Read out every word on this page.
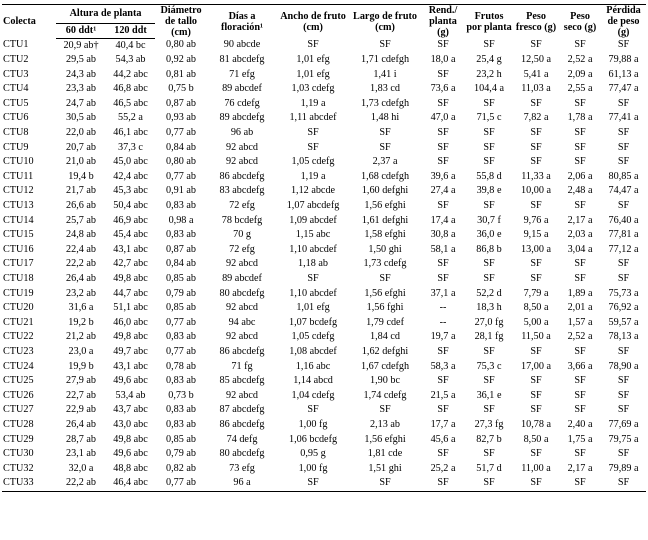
Colecta	Altura de planta		Diámetro de tallo (cm)	Días a floración¹	Ancho de fruto (cm)	Largo de fruto (cm)	Rend./ planta (g)	Frutos por planta	Peso fresco (g)	Peso seco (g)	Pérdida de peso (g)
	60 ddt¹	120 ddt									
CTU1	20,9 ab†	40,4 bc	0,80 ab	90 abcde	SF	SF	SF	SF	SF	SF	SF
CTU2	29,5 ab	54,3 ab	0,92 ab	81 abcdefg	1,01 efg	1,71 cdefgh	18,0 a	25,4 g	12,50 a	2,52 a	79,88 a
CTU3	24,3 ab	44,2 abc	0,81 ab	71 efg	1,01 efg	1,41 i	SF	23,2 h	5,41 a	2,09 a	61,13 a
CTU4	23,3 ab	46,8 abc	0,75 b	89 abcdef	1,03 cdefg	1,83 cd	73,6 a	104,4 a	11,03 a	2,55 a	77,47 a
CTU5	24,7 ab	46,5 abc	0,87 ab	76 cdefg	1,19 a	1,73 cdefgh	SF	SF	SF	SF	SF
CTU6	30,5 ab	55,2 a	0,93 ab	89 abcdefg	1,11 abcdef	1,48 hi	47,0 a	71,5 c	7,82 a	1,78 a	77,41 a
CTU8	22,0 ab	46,1 abc	0,77 ab	96 ab	SF	SF	SF	SF	SF	SF	SF
CTU9	20,7 ab	37,3 c	0,84 ab	92 abcd	SF	SF	SF	SF	SF	SF	SF
CTU10	21,0 ab	45,0 abc	0,80 ab	92 abcd	1,05 cdefg	2,37 a	SF	SF	SF	SF	SF
CTU11	19,4 b	42,4 abc	0,77 ab	86 abcdefg	1,19 a	1,68 cdefgh	39,6 a	55,8 d	11,33 a	2,06 a	80,85 a
CTU12	21,7 ab	45,3 abc	0,91 ab	83 abcdefg	1,12 abcde	1,60 defghi	27,4 a	39,8 e	10,00 a	2,48 a	74,47 a
CTU13	26,6 ab	50,4 abc	0,83 ab	72 efg	1,07 abcdefg	1,56 efghi	SF	SF	SF	SF	SF
CTU14	25,7 ab	46,9 abc	0,98 a	78 bcdefg	1,09 abcdef	1,61 defghi	17,4 a	30,7 f	9,76 a	2,17 a	76,40 a
CTU15	24,8 ab	45,4 abc	0,83 ab	70 g	1,15 abc	1,58 efghi	30,8 a	36,0 e	9,15 a	2,03 a	77,81 a
CTU16	22,4 ab	43,1 abc	0,87 ab	72 efg	1,10 abcdef	1,50 ghi	58,1 a	86,8 b	13,00 a	3,04 a	77,12 a
CTU17	22,2 ab	42,7 abc	0,84 ab	92 abcd	1,18 ab	1,73 cdefg	SF	SF	SF	SF	SF
CTU18	26,4 ab	49,8 abc	0,85 ab	89 abcdef	SF	SF	SF	SF	SF	SF	SF
CTU19	23,2 ab	44,7 abc	0,79 ab	80 abcdefg	1,10 abcdef	1,56 efghi	37,1 a	52,2 d	7,79 a	1,89 a	75,73 a
CTU20	31,6 a	51,1 abc	0,85 ab	92 abcd	1,01 efg	1,56 fghi	--	18,3 h	8,50 a	2,01 a	76,92 a
CTU21	19,2 b	46,0 abc	0,77 ab	94 abc	1,07 bcdefg	1,79 cdef	--	27,0 fg	5,00 a	1,57 a	59,57 a
CTU22	21,2 ab	49,8 abc	0,83 ab	92 abcd	1,05 cdefg	1,84 cd	19,7 a	28,1 fg	11,50 a	2,52 a	78,13 a
CTU23	23,0 a	49,7 abc	0,77 ab	86 abcdefg	1,08 abcdef	1,62 defghi	SF	SF	SF	SF	SF
CTU24	19,9 b	43,1 abc	0,78 ab	71 fg	1,16 abc	1,67 cdefgh	58,3 a	75,3 c	17,00 a	3,66 a	78,90 a
CTU25	27,9 ab	49,6 abc	0,83 ab	85 abcdefg	1,14 abcd	1,90 bc	SF	SF	SF	SF	SF
CTU26	22,7 ab	53,4 ab	0,73 b	92 abcd	1,04 cdefg	1,74 cdefg	21,5 a	36,1 e	SF	SF	SF
CTU27	22,9 ab	43,7 abc	0,83 ab	87 abcdefg	SF	SF	SF	SF	SF	SF	SF
CTU28	26,4 ab	43,0 abc	0,83 ab	86 abcdefg	1,00 fg	2,13 ab	17,7 a	27,3 fg	10,78 a	2,40 a	77,69 a
CTU29	28,7 ab	49,8 abc	0,85 ab	74 defg	1,06 bcdefg	1,56 efghi	45,6 a	82,7 b	8,50 a	1,75 a	79,75 a
CTU30	23,1 ab	49,6 abc	0,79 ab	80 abcdefg	0,95 g	1,81 cde	SF	SF	SF	SF	SF
CTU32	32,0 a	48,8 abc	0,82 ab	73 efg	1,00 fg	1,51 ghi	25,2 a	51,7 d	11,00 a	2,17 a	79,89 a
CTU33	22,2 ab	46,4 abc	0,77 ab	96 a	SF	SF	SF	SF	SF	SF	SF
